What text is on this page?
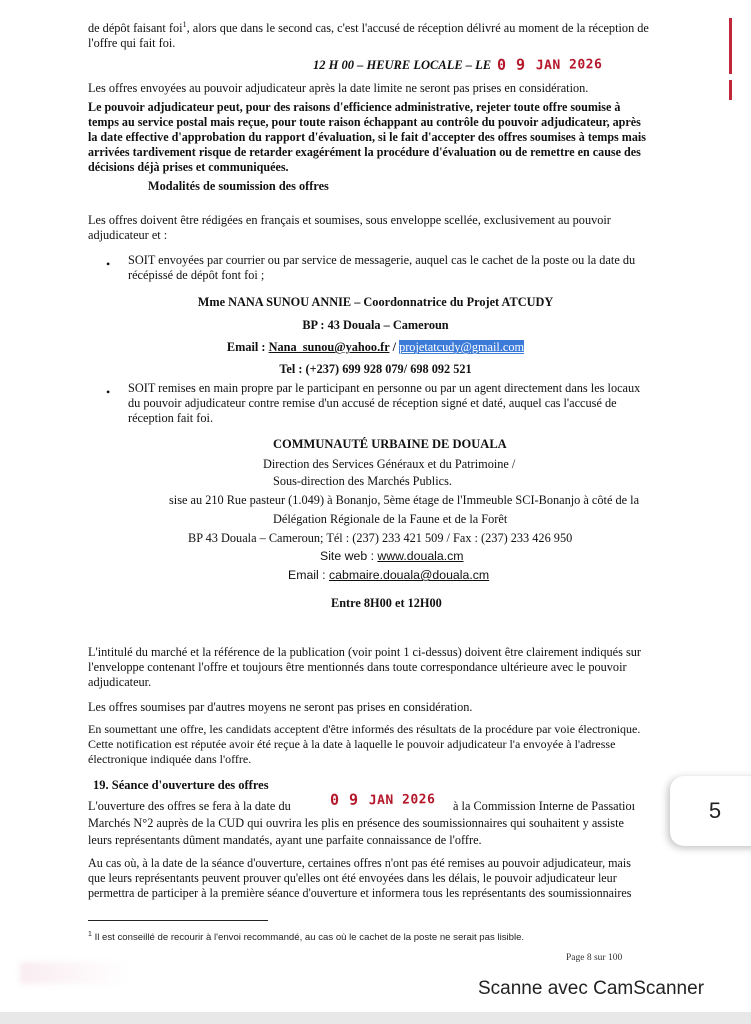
de dépôt faisant foi$^1$, alors que dans le second cas, c'est l'accusé de réception délivré au moment de la réception de
l'offre qui fait foi.
12 H 00 – HEURE LOCALE – LE 0 9 JAN 2026
Les offres envoyées au pouvoir adjudicateur après la date limite ne seront pas prises en considération.
Le pouvoir adjudicateur peut, pour des raisons d'efficience administrative, rejeter toute offre soumise à
temps au service postal mais reçue, pour toute raison échappant au contrôle du pouvoir adjudicateur, après
la date effective d'approbation du rapport d'évaluation, si le fait d'accepter des offres soumises à temps mais
arrivées tardivement risque de retarder exagérément la procédure d'évaluation ou de remettre en cause des
décisions déjà prises et communiquées.
Modalités de soumission des offres
Les offres doivent être rédigées en français et soumises, sous enveloppe scellée, exclusivement au pouvoir
adjudicateur et :
• SOIT envoyées par courrier ou par service de messagerie, auquel cas le cachet de la poste ou la date du
récépissé de dépôt font foi ;
Mme NANA SUNOU ANNIE – Coordonnatrice du Projet ATCUDY
BP : 43 Douala – Cameroun
Email : Nana_sunou@yahoo.fr / projetatcudy@gmail.com
Tel : (+237) 699 928 079/ 698 092 521
• SOIT remises en main propre par le participant en personne ou par un agent directement dans les locaux
du pouvoir adjudicateur contre remise d'un accusé de réception signé et daté, auquel cas l'accusé de
réception fait foi.
COMMUNAUTÉ URBAINE DE DOUALA
Direction des Services Généraux et du Patrimoine /
Sous-direction des Marchés Publics.
sise au 210 Rue pasteur (1.049) à Bonanjo, 5ème étage de l'Immeuble SCI-Bonanjo à côté de la
Délégation Régionale de la Faune et de la Forêt
BP 43 Douala – Cameroun; Tél : (237) 233 421 509 / Fax : (237) 233 426 950
Site web : www.douala.cm
Email : cabmaire.douala@douala.cm
Entre 8H00 et 12H00
L'intitulé du marché et la référence de la publication (voir point 1 ci-dessus) doivent être clairement indiqués sur
l'enveloppe contenant l'offre et toujours être mentionnés dans toute correspondance ultérieure avec le pouvoir
adjudicateur.
Les offres soumises par d'autres moyens ne seront pas prises en considération.
En soumettant une offre, les candidats acceptent d'être informés des résultats de la procédure par voie électronique.
Cette notification est réputée avoir été reçue à la date à laquelle le pouvoir adjudicateur l'a envoyée à l'adresse
électronique indiquée dans l'offre.
19. Séance d'ouverture des offres
L'ouverture des offres se fera à la date du	0 9 JAN 2026 à la Commission Interne de Passatioı
Marchés N°2 auprès de la CUD qui ouvrira les plis en présence des soumissionnaires qui souhaitent y assiste
leurs représentants dûment mandatés, ayant une parfaite connaissance de l'offre.
Au cas où, à la date de la séance d'ouverture, certaines offres n'ont pas été remises au pouvoir adjudicateur, mais
que leurs représentants peuvent prouver qu'elles ont été envoyées dans les délais, le pouvoir adjudicateur leur
permettra de participer à la première séance d'ouverture et informera tous les représentants des soumissionnaires
5
$^1$ Il est conseillé de recourir à l'envoi recommandé, au cas où le cachet de la poste ne serait pas lisible.
Page 8 sur 100
Scanne avec CamScanner
